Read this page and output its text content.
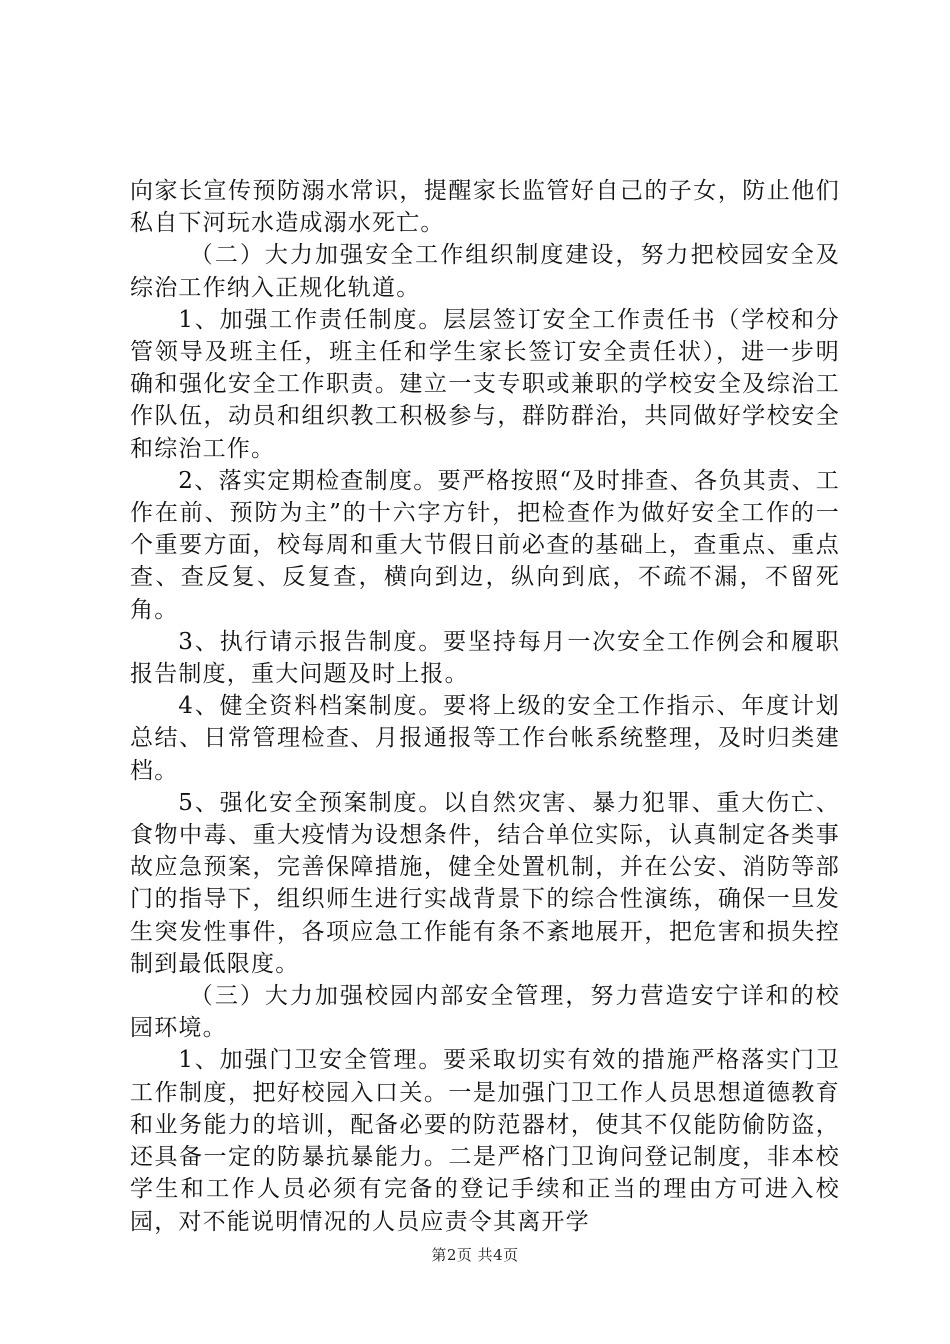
向家长宣传预防溺水常识，提醒家长监管好自己的子女，防止他们私自下河玩水造成溺水死亡。

（二）大力加强安全工作组织制度建设，努力把校园安全及综治工作纳入正规化轨道。

1、加强工作责任制度。层层签订安全工作责任书（学校和分管领导及班主任，班主任和学生家长签订安全责任状），进一步明确和强化安全工作职责。建立一支专职或兼职的学校安全及综治工作队伍，动员和组织教工积极参与，群防群治，共同做好学校安全和综治工作。

2、落实定期检查制度。要严格按照“及时排查、各负其责、工作在前、预防为主”的十六字方针，把检查作为做好安全工作的一个重要方面，校每周和重大节假日前必查的基础上，查重点、重点查、查反复、反复查，横向到边，纵向到底，不疏不漏，不留死角。

3、执行请示报告制度。要坚持每月一次安全工作例会和履职报告制度，重大问题及时上报。

4、健全资料档案制度。要将上级的安全工作指示、年度计划总结、日常管理检查、月报通报等工作台帐系统整理，及时归类建档。

5、强化安全预案制度。以自然灾害、暴力犯罪、重大伤亡、食物中毒、重大疫情为设想条件，结合单位实际，认真制定各类事故应急预案，完善保障措施，健全处置机制，并在公安、消防等部门的指导下，组织师生进行实战背景下的综合性演练，确保一旦发生突发性事件，各项应急工作能有条不紊地展开，把危害和损失控制到最低限度。

（三）大力加强校园内部安全管理，努力营造安宁详和的校园环境。

1、加强门卫安全管理。要采取切实有效的措施严格落实门卫工作制度，把好校园入口关。一是加强门卫工作人员思想道德教育和业务能力的培训，配备必要的防范器材，使其不仅能防偷防盗，还具备一定的防暴抗暴能力。二是严格门卫询问登记制度，非本校学生和工作人员必须有完备的登记手续和正当的理由方可进入校园，对不能说明情况的人员应责令其离开学

第2页 共4页
